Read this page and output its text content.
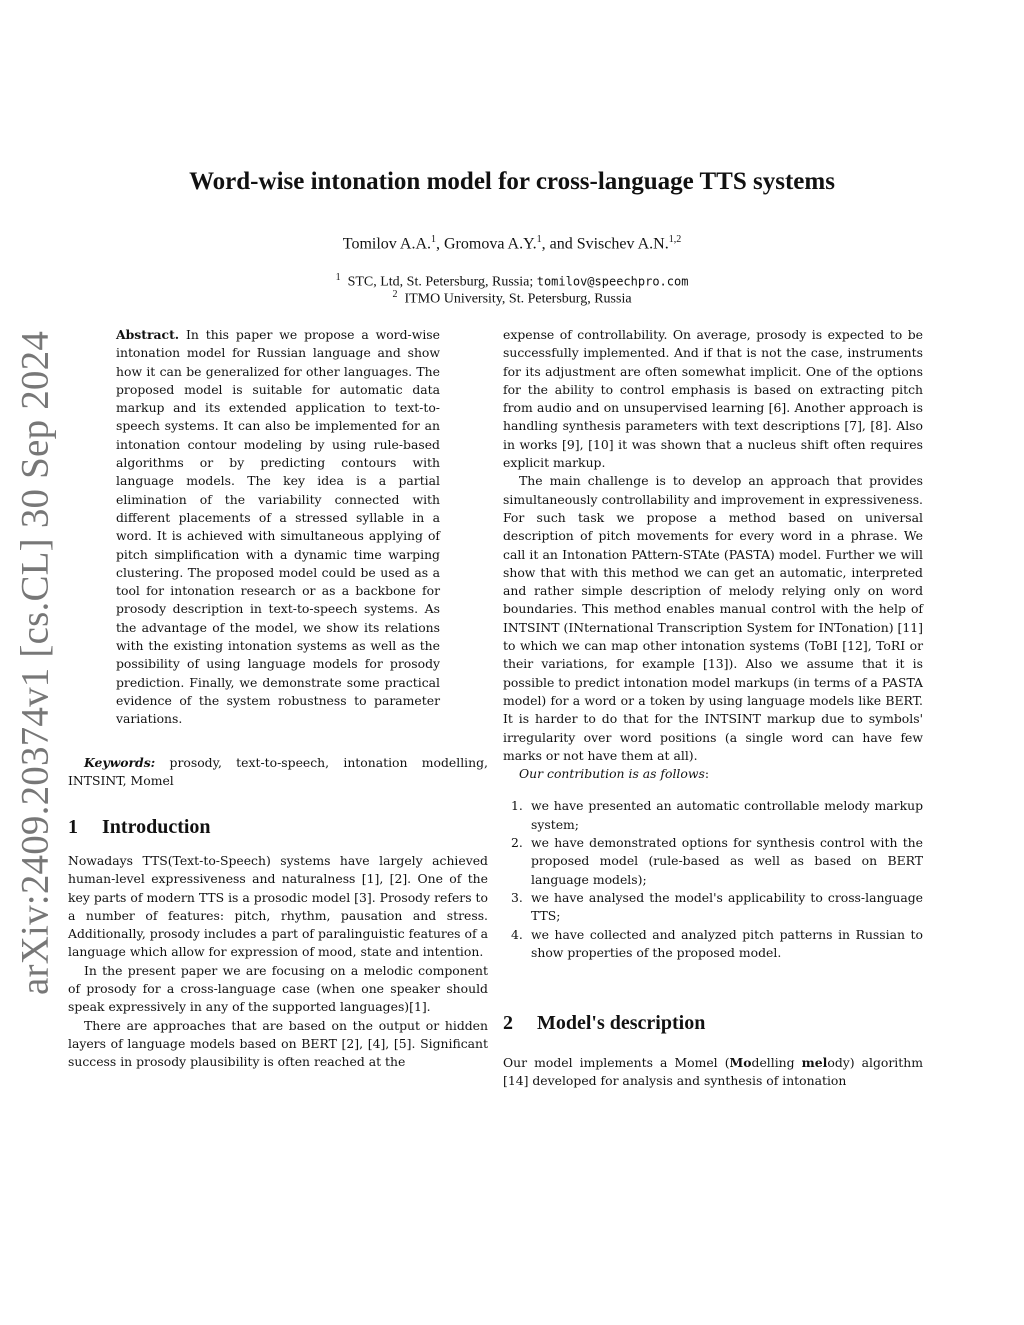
arXiv:2409.20374v1 [cs.CL] 30 Sep 2024
Word-wise intonation model for cross-language TTS systems
Tomilov A.A.$^1$, Gromova A.Y.$^1$, and Svischev A.N.$^{1,2}$
$^1$ STC, Ltd, St. Petersburg, Russia; tomilov@speechpro.com
$^2$ ITMO University, St. Petersburg, Russia

Abstract. In this paper we propose a word-wise intonation model for Russian language and show how it can be generalized for other languages. The proposed model is suitable for automatic data markup and its extended application to text-to-speech systems. It can also be implemented for an intonation contour modeling by using rule-based algorithms or by predicting contours with language models. The key idea is a partial elimination of the variability connected with different placements of a stressed syllable in a word. It is achieved with simultaneous applying of pitch simplification with a dynamic time warping clustering. The proposed model could be used as a tool for intonation research or as a backbone for prosody description in text-to-speech systems. As the advantage of the model, we show its relations with the existing intonation systems as well as the possibility of using language models for prosody prediction. Finally, we demonstrate some practical evidence of the system robustness to parameter variations.

Keywords: prosody, text-to-speech, intonation modelling, INTSINT, Momel

1 Introduction

Nowadays TTS(Text-to-Speech) systems have largely achieved human-level expressiveness and naturalness [1], [2]. One of the key parts of modern TTS is a prosodic model [3]. Prosody refers to a number of features: pitch, rhythm, pausation and stress. Additionally, prosody includes a part of paralinguistic features of a language which allow for expression of mood, state and intention.

In the present paper we are focusing on a melodic component of prosody for a cross-language case (when one speaker should speak expressively in any of the supported languages)[1].

There are approaches that are based on the output or hidden layers of language models based on BERT [2], [4], [5]. Significant success in prosody plausibility is often reached at the

expense of controllability. On average, prosody is expected to be successfully implemented. And if that is not the case, instruments for its adjustment are often somewhat implicit. One of the options for the ability to control emphasis is based on extracting pitch from audio and on unsupervised learning [6]. Another approach is handling synthesis parameters with text descriptions [7], [8]. Also in works [9], [10] it was shown that a nucleus shift often requires explicit markup.

The main challenge is to develop an approach that provides simultaneously controllability and improvement in expressiveness. For such task we propose a method based on universal description of pitch movements for every word in a phrase. We call it an Intonation PAttern-STAte (PASTA) model. Further we will show that with this method we can get an automatic, interpreted and rather simple description of melody relying only on word boundaries. This method enables manual control with the help of INTSINT (INternational Transcription System for INTonation) [11] to which we can map other intonation systems (ToBI [12], ToRI or their variations, for example [13]). Also we assume that it is possible to predict intonation model markups (in terms of a PASTA model) for a word or a token by using language models like BERT. It is harder to do that for the INTSINT markup due to symbols' irregularity over word positions (a single word can have few marks or not have them at all).

Our contribution is as follows:

1. we have presented an automatic controllable melody markup system;
2. we have demonstrated options for synthesis control with the proposed model (rule-based as well as based on BERT language models);
3. we have analysed the model's applicability to cross-language TTS;
4. we have collected and analyzed pitch patterns in Russian to show properties of the proposed model.
2 Model's description

Our model implements a Momel (Modelling melody) algorithm [14] developed for analysis and synthesis of intonation
